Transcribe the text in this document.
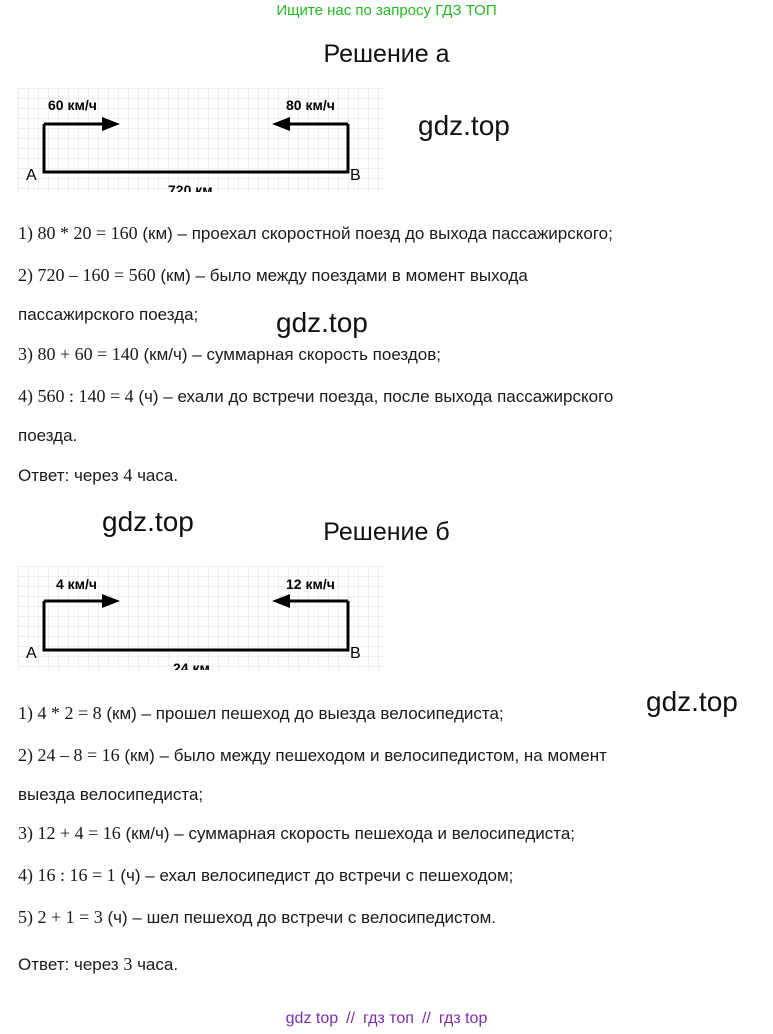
Ищите нас по запросу ГДЗ ТОП
Решение а
60 км/ч	80 км/ч
A	B
720 км
gdz.top
1) 80 * 20 = 160 (км) – проехал скоростной поезд до выхода пассажирского;
2) 720 – 160 = 560 (км) – было между поездами в момент выхода
пассажирского поезда;	gdz.top
3) 80 + 60 = 140 (км/ч) – суммарная скорость поездов;
4) 560 : 140 = 4 (ч) – ехали до встречи поезда, после выхода пассажирского
поезда.
Ответ: через 4 часа.
gdz.top	Решение б
4 км/ч	12 км/ч
A	B
24 км
1) 4 * 2 = 8 (км) – прошел пешеход до выезда велосипедиста;	gdz.top
2) 24 – 8 = 16 (км) – было между пешеходом и велосипедистом, на момент
выезда велосипедиста;
3) 12 + 4 = 16 (км/ч) – суммарная скорость пешехода и велосипедиста;
4) 16 : 16 = 1 (ч) – ехал велосипедист до встречи с пешеходом;
5) 2 + 1 = 3 (ч) – шел пешеход до встречи с велосипедистом.
Ответ: через 3 часа.
gdz top // гдз топ // гдз top
